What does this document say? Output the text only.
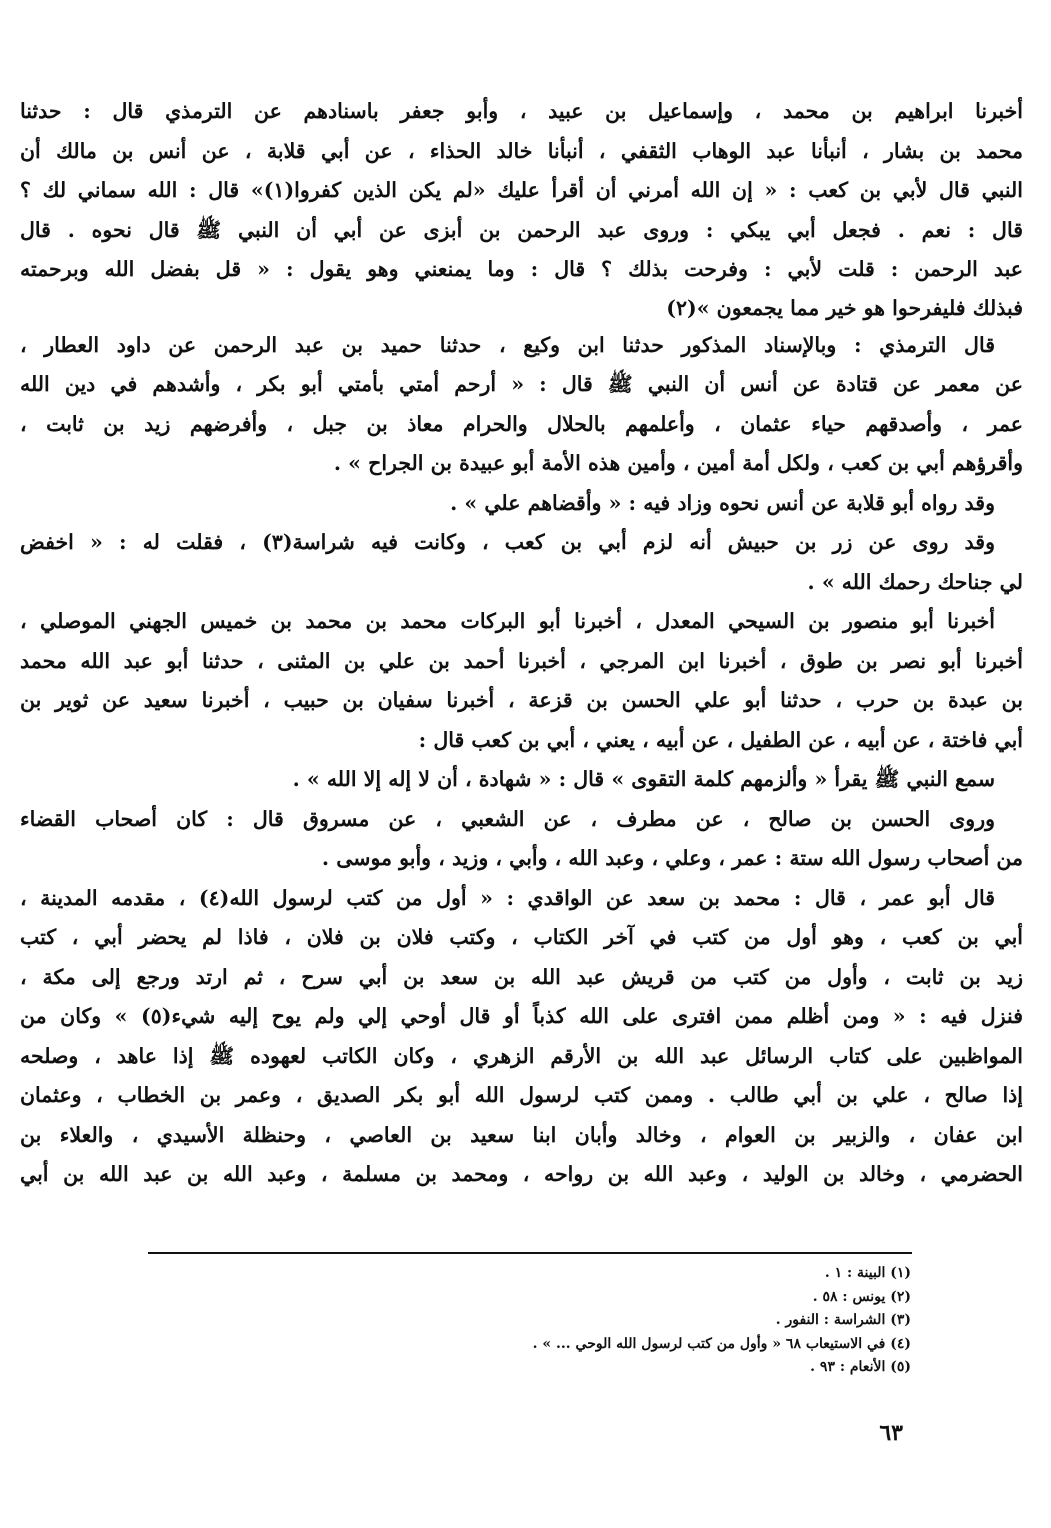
أخبرنا ابراهيم بن محمد ، وإسماعيل بن عبيد ، وأبو جعفر باسنادهم عن الترمذي قال : حدثنا
محمد بن بشار ، أنبأنا عبد الوهاب الثقفي ، أنبأنا خالد الحذاء ، عن أبي قلابة ، عن أنس بن مالك أن
النبي قال لأبي بن كعب : « إن الله أمرني أن أقرأ عليك «لم يكن الذين كفروا(١)» قال : الله سماني لك ؟
قال : نعم . فجعل أبي يبكي : وروى عبد الرحمن بن أبزى عن أبي أن النبي ﷺ قال نحوه . قال
عبد الرحمن : قلت لأبي : وفرحت بذلك ؟ قال : وما يمنعني وهو يقول : « قل بفضل الله وبرحمته
فبذلك فليفرحوا هو خير مما يجمعون »(٢)
قال الترمذي : وبالإسناد المذكور حدثنا ابن وكيع ، حدثنا حميد بن عبد الرحمن عن داود العطار ،
عن معمر عن قتادة عن أنس أن النبي ﷺ قال : « أرحم أمتي بأمتي أبو بكر ، وأشدهم في دين الله
عمر ، وأصدقهم حياء عثمان ، وأعلمهم بالحلال والحرام معاذ بن جبل ، وأفرضهم زيد بن ثابت ،
وأقرؤهم أبي بن كعب ، ولكل أمة أمين ، وأمين هذه الأمة أبو عبيدة بن الجراح » .
وقد رواه أبو قلابة عن أنس نحوه وزاد فيه : « وأقضاهم علي » .
وقد روى عن زر بن حبيش أنه لزم أبي بن كعب ، وكانت فيه شراسة(٣) ، فقلت له : « اخفض
لي جناحك رحمك الله » .
أخبرنا أبو منصور بن السيحي المعدل ، أخبرنا أبو البركات محمد بن محمد بن خميس الجهني الموصلي ،
أخبرنا أبو نصر بن طوق ، أخبرنا ابن المرجي ، أخبرنا أحمد بن علي بن المثنى ، حدثنا أبو عبد الله محمد
بن عبدة بن حرب ، حدثنا أبو علي الحسن بن قزعة ، أخبرنا سفيان بن حبيب ، أخبرنا سعيد عن ثوير بن
أبي فاختة ، عن أبيه ، عن الطفيل ، عن أبيه ، يعني ، أبي بن كعب قال :
سمع النبي ﷺ يقرأ « وألزمهم كلمة التقوى » قال : « شهادة ، أن لا إله إلا الله » .
وروى الحسن بن صالح ، عن مطرف ، عن الشعبي ، عن مسروق قال : كان أصحاب القضاء
من أصحاب رسول الله ستة : عمر ، وعلي ، وعبد الله ، وأبي ، وزيد ، وأبو موسى .
قال أبو عمر ، قال : محمد بن سعد عن الواقدي : « أول من كتب لرسول الله(٤) ، مقدمه المدينة ،
أبي بن كعب ، وهو أول من كتب في آخر الكتاب ، وكتب فلان بن فلان ، فاذا لم يحضر أبي ، كتب
زيد بن ثابت ، وأول من كتب من قريش عبد الله بن سعد بن أبي سرح ، ثم ارتد ورجع إلى مكة ،
فنزل فيه : « ومن أظلم ممن افترى على الله كذباً أو قال أوحي إلي ولم يوح إليه شيء(٥) » وكان من
المواظبين على كتاب الرسائل عبد الله بن الأرقم الزهري ، وكان الكاتب لعهوده ﷺ إذا عاهد ، وصلحه
إذا صالح ، علي بن أبي طالب . وممن كتب لرسول الله أبو بكر الصديق ، وعمر بن الخطاب ، وعثمان
ابن عفان ، والزبير بن العوام ، وخالد وأبان ابنا سعيد بن العاصي ، وحنظلة الأسيدي ، والعلاء بن
الحضرمي ، وخالد بن الوليد ، وعبد الله بن رواحه ، ومحمد بن مسلمة ، وعبد الله بن عبد الله بن أبي
(١) البينة : ١ .
(٢) يونس : ٥٨ .
(٣) الشراسة : النفور .
(٤) في الاستيعاب ٦٨ « وأول من كتب لرسول الله الوحي ... » .
(٥) الأنعام : ٩٣ .
٦٣
